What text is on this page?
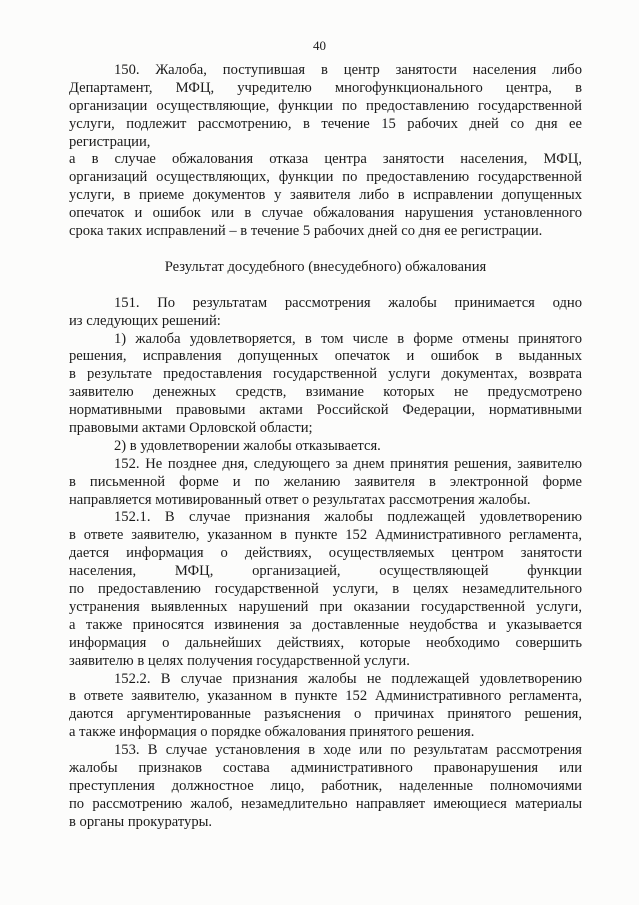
40
150. Жалоба, поступившая в центр занятости населения либо
Департамент, МФЦ, учредителю многофункционального центра, в
организации осуществляющие, функции по предоставлению государственной
услуги, подлежит рассмотрению, в течение 15 рабочих дней со дня ее
регистрации,
а в случае обжалования отказа центра занятости населения, МФЦ,
организаций осуществляющих, функции по предоставлению государственной
услуги, в приеме документов у заявителя либо в исправлении допущенных
опечаток и ошибок или в случае обжалования нарушения установленного
срока таких исправлений – в течение 5 рабочих дней со дня ее регистрации.
Результат досудебного (внесудебного) обжалования
151. По результатам рассмотрения жалобы принимается одно
из следующих решений:
1) жалоба удовлетворяется, в том числе в форме отмены принятого
решения, исправления допущенных опечаток и ошибок в выданных
в результате предоставления государственной услуги документах, возврата
заявителю денежных средств, взимание которых не предусмотрено
нормативными правовыми актами Российской Федерации, нормативными
правовыми актами Орловской области;
2) в удовлетворении жалобы отказывается.
152. Не позднее дня, следующего за днем принятия решения, заявителю
в письменной форме и по желанию заявителя в электронной форме
направляется мотивированный ответ о результатах рассмотрения жалобы.
152.1. В случае признания жалобы подлежащей удовлетворению
в ответе заявителю, указанном в пункте 152 Административного регламента,
дается информация о действиях, осуществляемых центром занятости
населения, МФЦ, организацией, осуществляющей функции
по предоставлению государственной услуги, в целях незамедлительного
устранения выявленных нарушений при оказании государственной услуги,
а также приносятся извинения за доставленные неудобства и указывается
информация о дальнейших действиях, которые необходимо совершить
заявителю в целях получения государственной услуги.
152.2. В случае признания жалобы не подлежащей удовлетворению
в ответе заявителю, указанном в пункте 152 Административного регламента,
даются аргументированные разъяснения о причинах принятого решения,
а также информация о порядке обжалования принятого решения.
153. В случае установления в ходе или по результатам рассмотрения
жалобы признаков состава административного правонарушения или
преступления должностное лицо, работник, наделенные полномочиями
по рассмотрению жалоб, незамедлительно направляет имеющиеся материалы
в органы прокуратуры.
